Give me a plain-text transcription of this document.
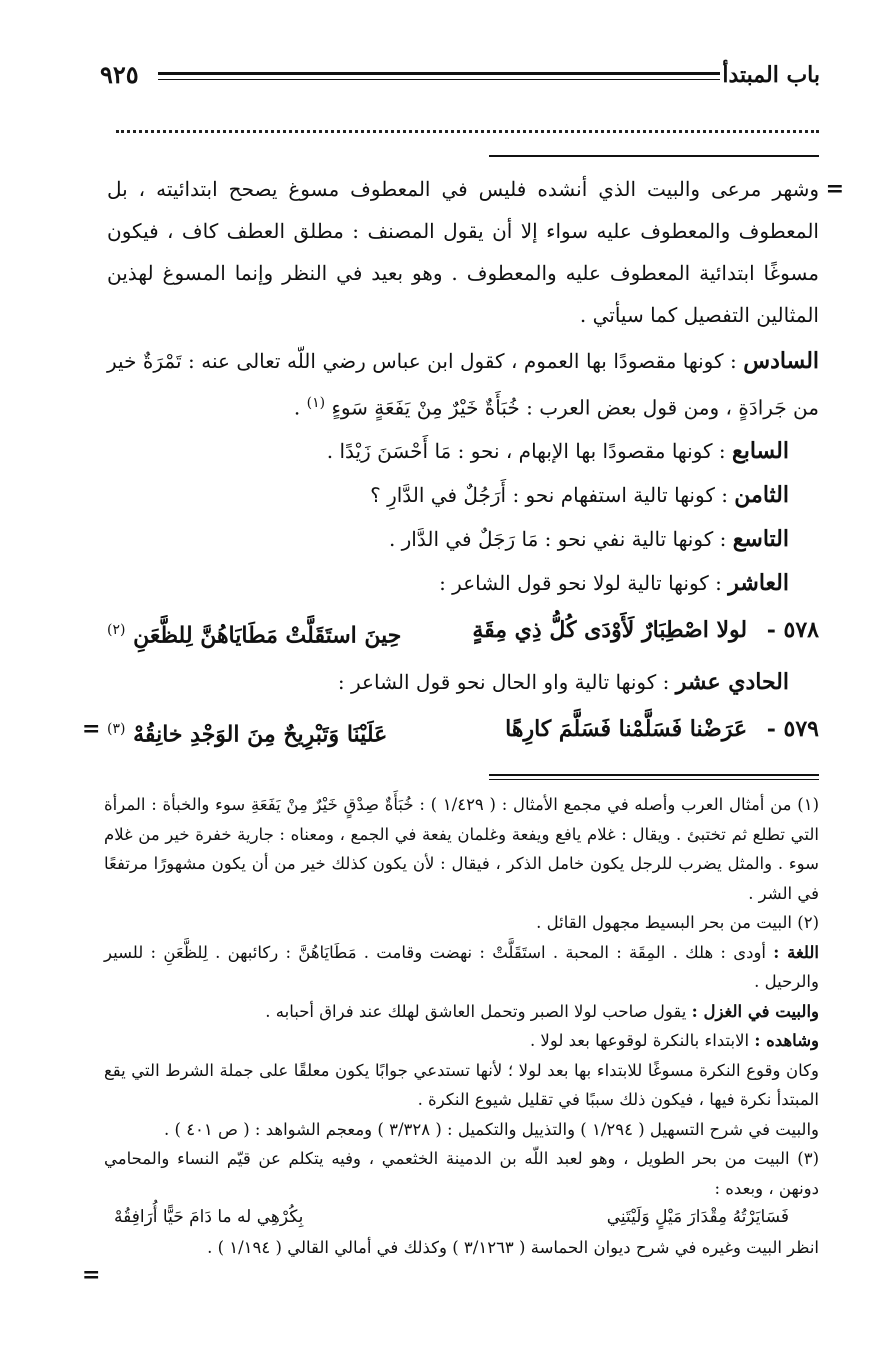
باب المبتدأ
٩٢٥
=

وشهر مرعى والبيت الذي أنشده فليس في المعطوف مسوغ يصحح ابتدائيته ، بل المعطوف والمعطوف عليه سواء إلا أن يقول المصنف : مطلق العطف كاف ، فيكون مسوغًا ابتدائية المعطوف عليه والمعطوف . وهو بعيد في النظر وإنما المسوغ لهذين المثالين التفصيل كما سيأتي .

السادس : كونها مقصودًا بها العموم ، كقول ابن عباس رضي اللّه تعالى عنه : تَمْرَةٌ خير من جَرادَةٍ ، ومن قول بعض العرب : خُبَأَةٌ خَيْرٌ مِنْ يَفَعَةٍ سَوءٍ $^{(١)}$ .

السابع : كونها مقصودًا بها الإبهام ، نحو : مَا أَحْسَنَ زَيْدًا .

الثامن : كونها تالية استفهام نحو : أَرَجُلٌ في الدَّارِ ؟

التاسع : كونها تالية نفي نحو : مَا رَجَلٌ في الدَّار .

العاشر : كونها تالية لولا نحو قول الشاعر :

٥٧٨ - لولا اصْطِبَارٌ لَأَوْدَى كُلُّ ذِي مِقَةٍ
حِينَ استَقَلَّتْ مَطَايَاهُنَّ لِلظَّعَنِ $^{(٢)}$

الحادي عشر : كونها تالية واو الحال نحو قول الشاعر :

٥٧٩ - عَرَضْنا فَسَلَّمْنا فَسَلَّمَ كارِهًا
عَلَيْنَا وَتَبْرِيحٌ مِنَ الوَجْدِ خانِقُهْ $^{(٣)}$
=

(١) من أمثال العرب وأصله في مجمع الأمثال : ( ١/٤٢٩ ) : خُبَأَةٌ صِدْقٍ خَيْرٌ مِنْ يَفَعَةِ سوء والخبأة : المرأة التي تطلع ثم تختبئ . ويقال : غلام يافع ويفعة وغلمان يفعة في الجمع ، ومعناه : جارية خفرة خير من غلام سوء . والمثل يضرب للرجل يكون خامل الذكر ، فيقال : لأن يكون كذلك خير من أن يكون مشهورًا مرتفعًا في الشر .

(٢) البيت من بحر البسيط مجهول القائل .

اللغة : أودى : هلك . المِقَة : المحبة . استَقَلَّتْ : نهضت وقامت . مَطَايَاهُنَّ : ركائبهن . لِلظَّعَنِ : للسير والرحيل .

والبيت في الغزل : يقول صاحب لولا الصبر وتحمل العاشق لهلك عند فراق أحبابه .

وشاهده : الابتداء بالنكرة لوقوعها بعد لولا .

وكان وقوع النكرة مسوغًا للابتداء بها بعد لولا ؛ لأنها تستدعي جوابًا يكون معلقًا على جملة الشرط التي يقع المبتدأ نكرة فيها ، فيكون ذلك سببًا في تقليل شيوع النكرة .

والبيت في شرح التسهيل ( ١/٢٩٤ ) والتذييل والتكميل : ( ٣/٣٢٨ ) ومعجم الشواهد : ( ص ٤٠١ ) .

(٣) البيت من بحر الطويل ، وهو لعبد اللّه بن الدمينة الخثعمي ، وفيه يتكلم عن قيّم النساء والمحامي دونهن ، وبعده :

فَسَايَرْتُهُ مِقْدَارَ مَيْلٍ وَلَيْتَنِي
بِكُرْهِي له ما دَامَ حَيًّا أُرَافِقُهْ

انظر البيت وغيره في شرح ديوان الحماسة ( ٣/١٢٦٣ ) وكذلك في أمالي القالي ( ١/١٩٤ ) .

=
